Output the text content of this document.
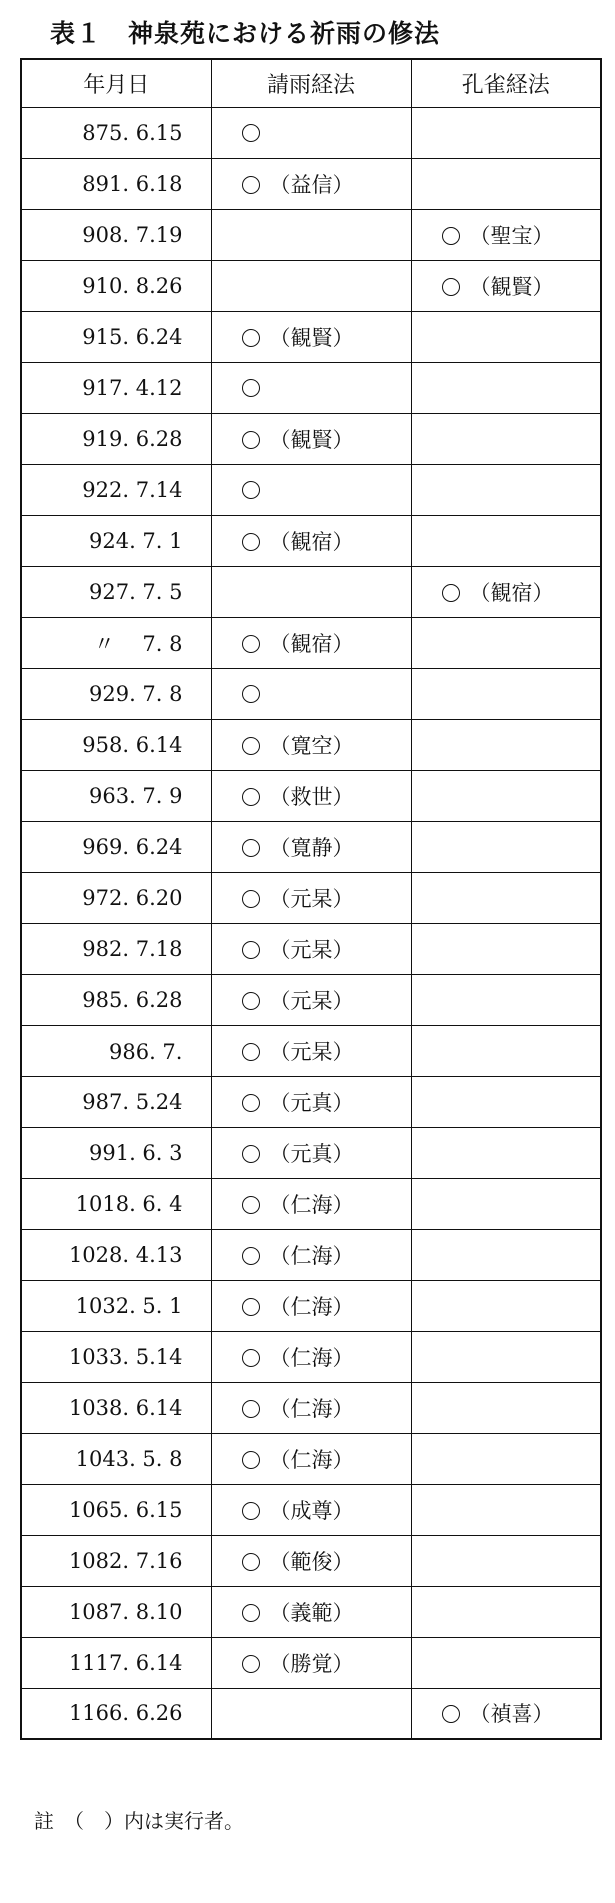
表１　神泉苑における祈雨の修法
年月日	請雨経法	孔雀経法
875. 6.15		
891. 6.18	（益信）	
908. 7.19		（聖宝）
910. 8.26		（観賢）
915. 6.24	（観賢）	
917. 4.12		
919. 6.28	（観賢）	
922. 7.14		
924. 7. 1	（観宿）	
927. 7. 5		（観宿）
〃　 7. 8	（観宿）	
929. 7. 8		
958. 6.14	（寛空）	
963. 7. 9	（救世）	
969. 6.24	（寛静）	
972. 6.20	（元杲）	
982. 7.18	（元杲）	
985. 6.28	（元杲）	
986. 7.　	（元杲）	
987. 5.24	（元真）	
991. 6. 3	（元真）	
1018. 6. 4	（仁海）	
1028. 4.13	（仁海）	
1032. 5. 1	（仁海）	
1033. 5.14	（仁海）	
1038. 6.14	（仁海）	
1043. 5. 8	（仁海）	
1065. 6.15	（成尊）	
1082. 7.16	（範俊）	
1087. 8.10	（義範）	
1117. 6.14	（勝覚）	
1166. 6.26		（禎喜）
註　（　）内は実行者。
